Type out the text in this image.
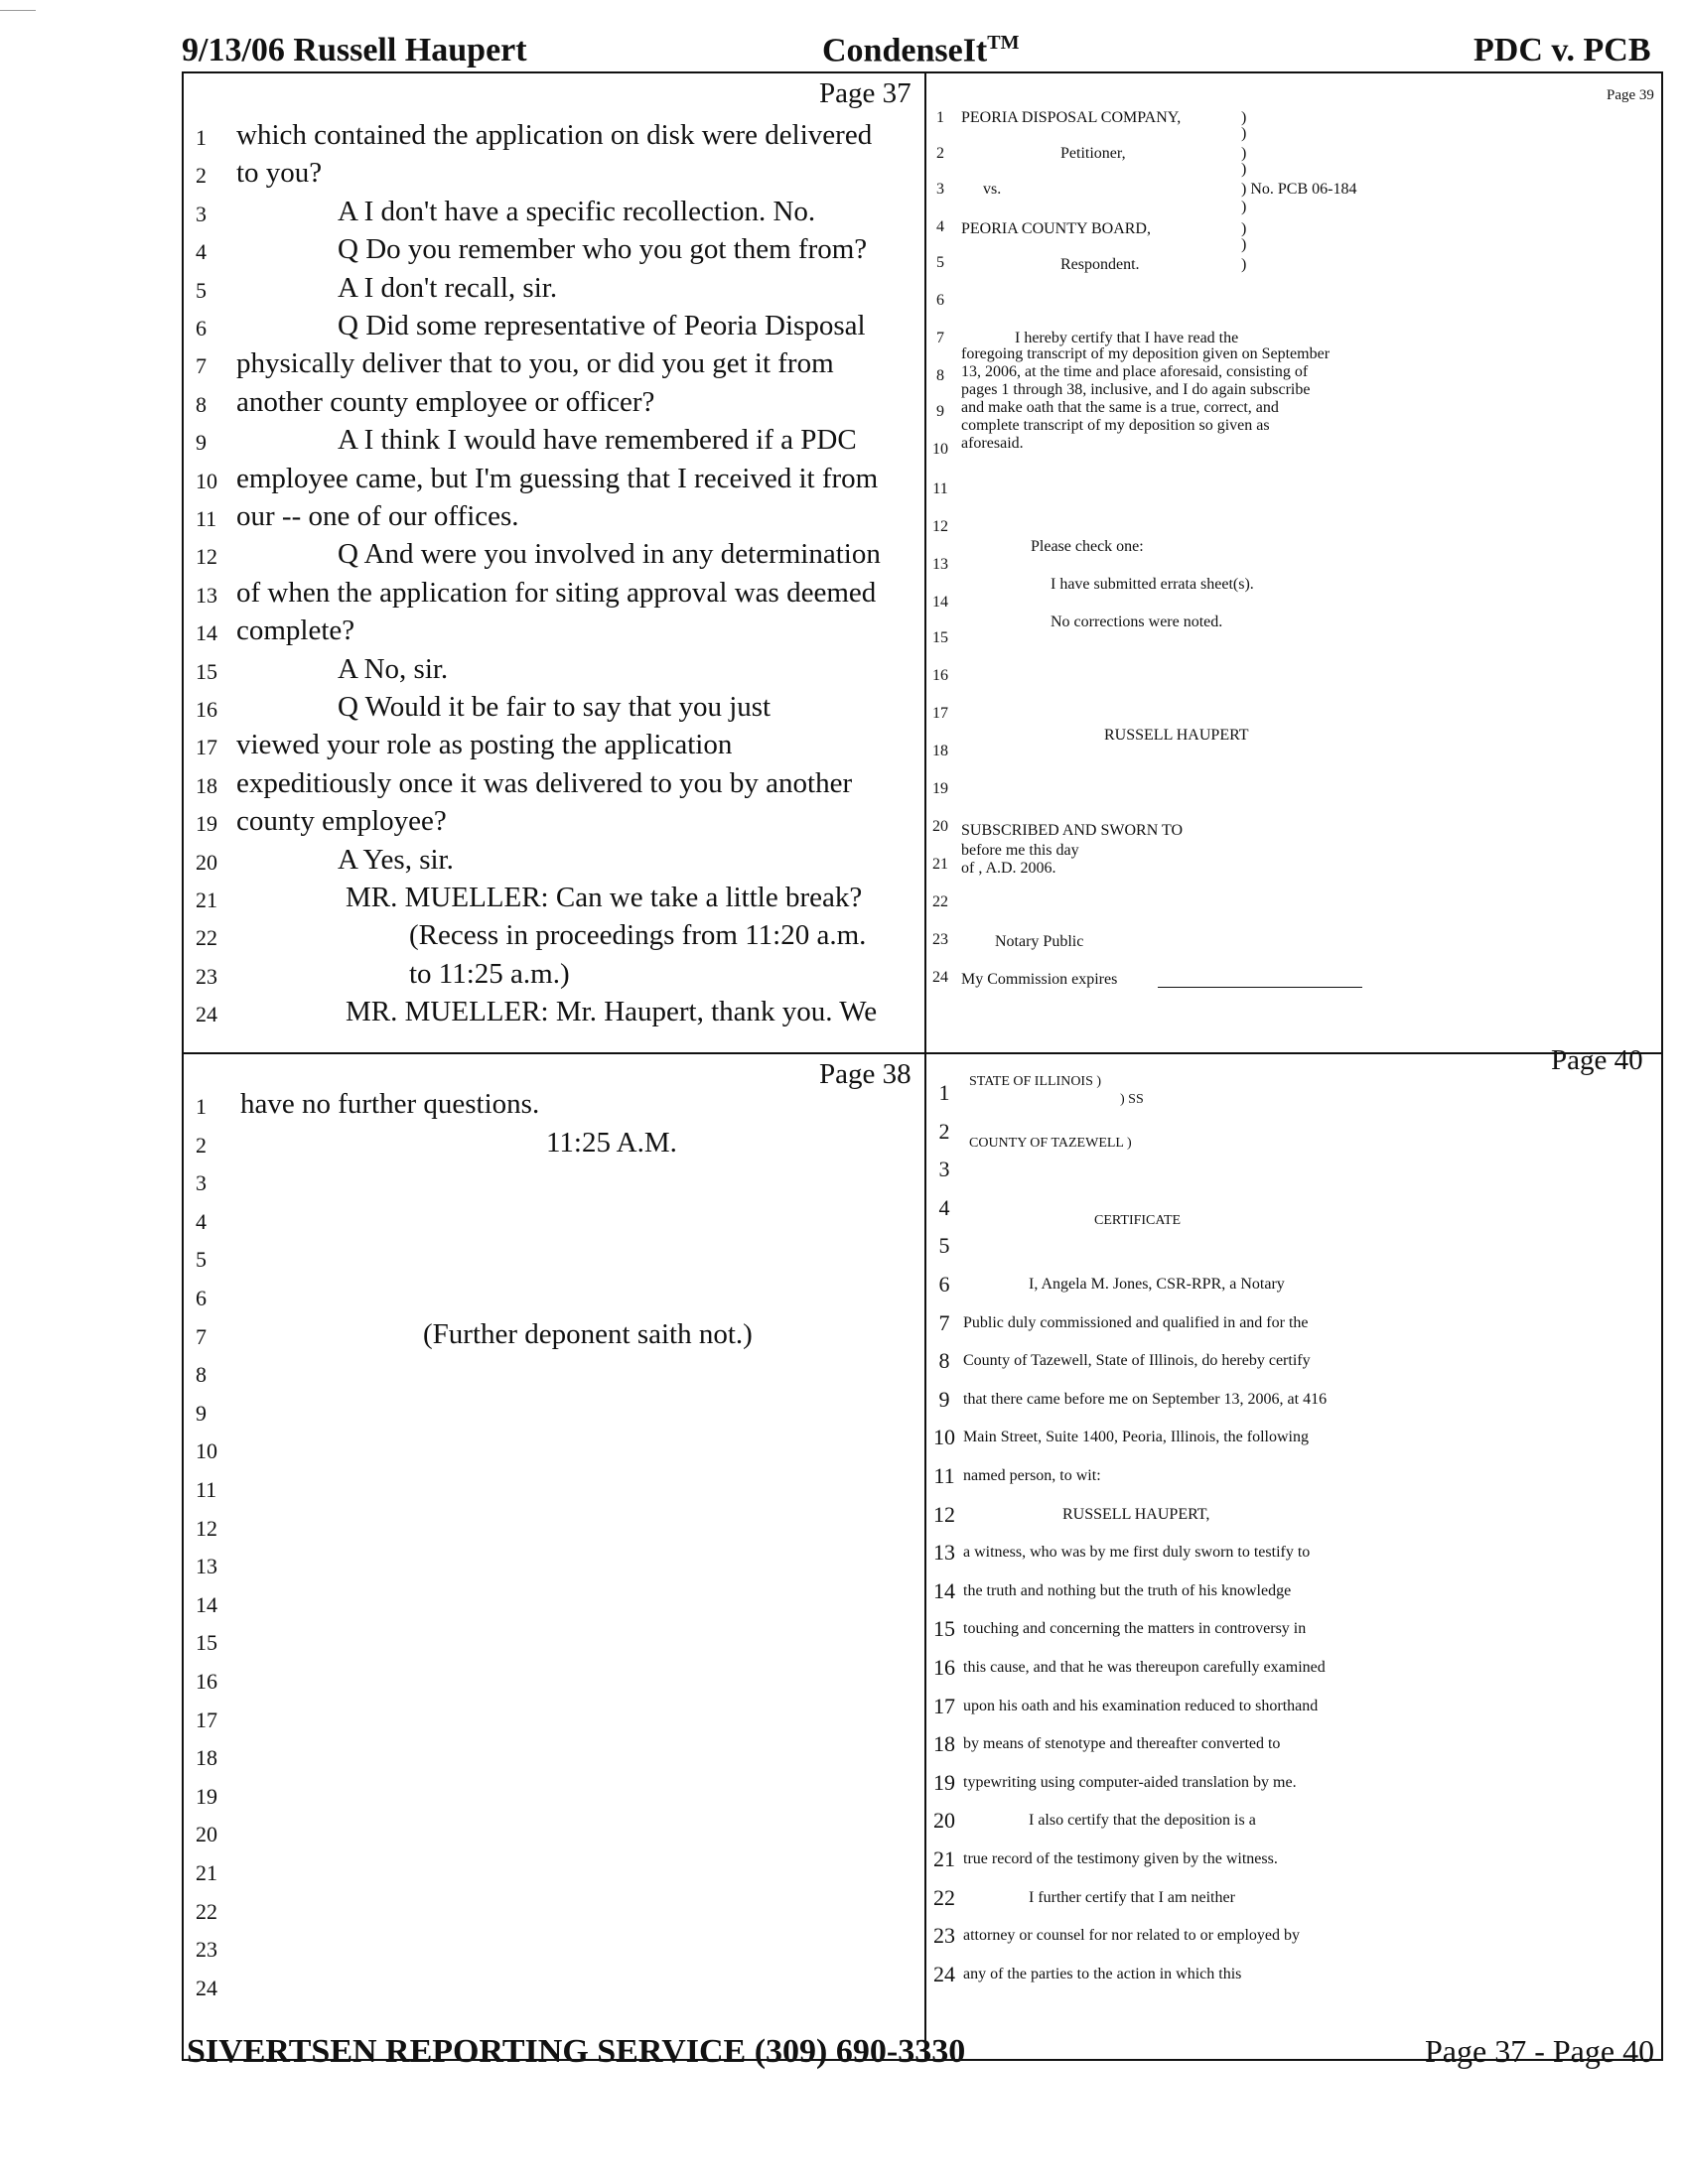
9/13/06 Russell Haupert	CondenseIt™	PDC v. PCB
Page 37
1 which contained the application on disk were delivered
2 to you?
3	A I don't have a specific recollection. No.
4	Q Do you remember who you got them from?
5	A I don't recall, sir.
6	Q Did some representative of Peoria Disposal
7 physically deliver that to you, or did you get it from
8 another county employee or officer?
9	A I think I would have remembered if a PDC
10 employee came, but I'm guessing that I received it from
11 our -- one of our offices.
12	Q And were you involved in any determination
13 of when the application for siting approval was deemed
14 complete?
15	A No, sir.
16	Q Would it be fair to say that you just
17 viewed your role as posting the application
18 expeditiously once it was delivered to you by another
19 county employee?
20	A Yes, sir.
21	MR. MUELLER: Can we take a little break?
22	(Recess in proceedings from 11:20 a.m.
23	to 11:25 a.m.)
24	MR. MUELLER: Mr. Haupert, thank you. We
Page 38
1 have no further questions.
2	11:25 A.M.
3
4
5
6
7	(Further deponent saith not.)
8
9
10
11
12
13
14
15
16
17
18
19
20
21
22
23
24
Page 39
PEORIA DISPOSAL COMPANY,	)
)
Petitioner,	)
)
vs.	) No. PCB 06-184
)
PEORIA COUNTY BOARD,	)
)
Respondent.	)
I hereby certify that I have read the
foregoing transcript of my deposition given on September
13, 2006, at the time and place aforesaid, consisting of
pages 1 through 38, inclusive, and I do again subscribe
and make oath that the same is a true, correct, and
complete transcript of my deposition so given as
aforesaid.
Please check one:
I have submitted errata sheet(s).
No corrections were noted.
RUSSELL HAUPERT
SUBSCRIBED AND SWORN TO
before me this day
of , A.D. 2006.
Notary Public
My Commission expires
1
2
3
4
5
6
7
8
9
10
11
12
13
14
15
16
17
18
19
20
21
22
23
24
Page 40
STATE OF ILLINOIS )
) SS
COUNTY OF TAZEWELL )
CERTIFICATE
1
2
3
4
5
6	I, Angela M. Jones, CSR-RPR, a Notary
7 Public duly commissioned and qualified in and for the
8 County of Tazewell, State of Illinois, do hereby certify
9 that there came before me on September 13, 2006, at 416
10 Main Street, Suite 1400, Peoria, Illinois, the following
11 named person, to wit:
12	RUSSELL HAUPERT,
13 a witness, who was by me first duly sworn to testify to
14 the truth and nothing but the truth of his knowledge
15 touching and concerning the matters in controversy in
16 this cause, and that he was thereupon carefully examined
17 upon his oath and his examination reduced to shorthand
18 by means of stenotype and thereafter converted to
19 typewriting using computer-aided translation by me.
20	I also certify that the deposition is a
21 true record of the testimony given by the witness.
22	I further certify that I am neither
23 attorney or counsel for nor related to or employed by
24 any of the parties to the action in which this
SIVERTSEN REPORTING SERVICE (309) 690-3330	Page 37 - Page 40
